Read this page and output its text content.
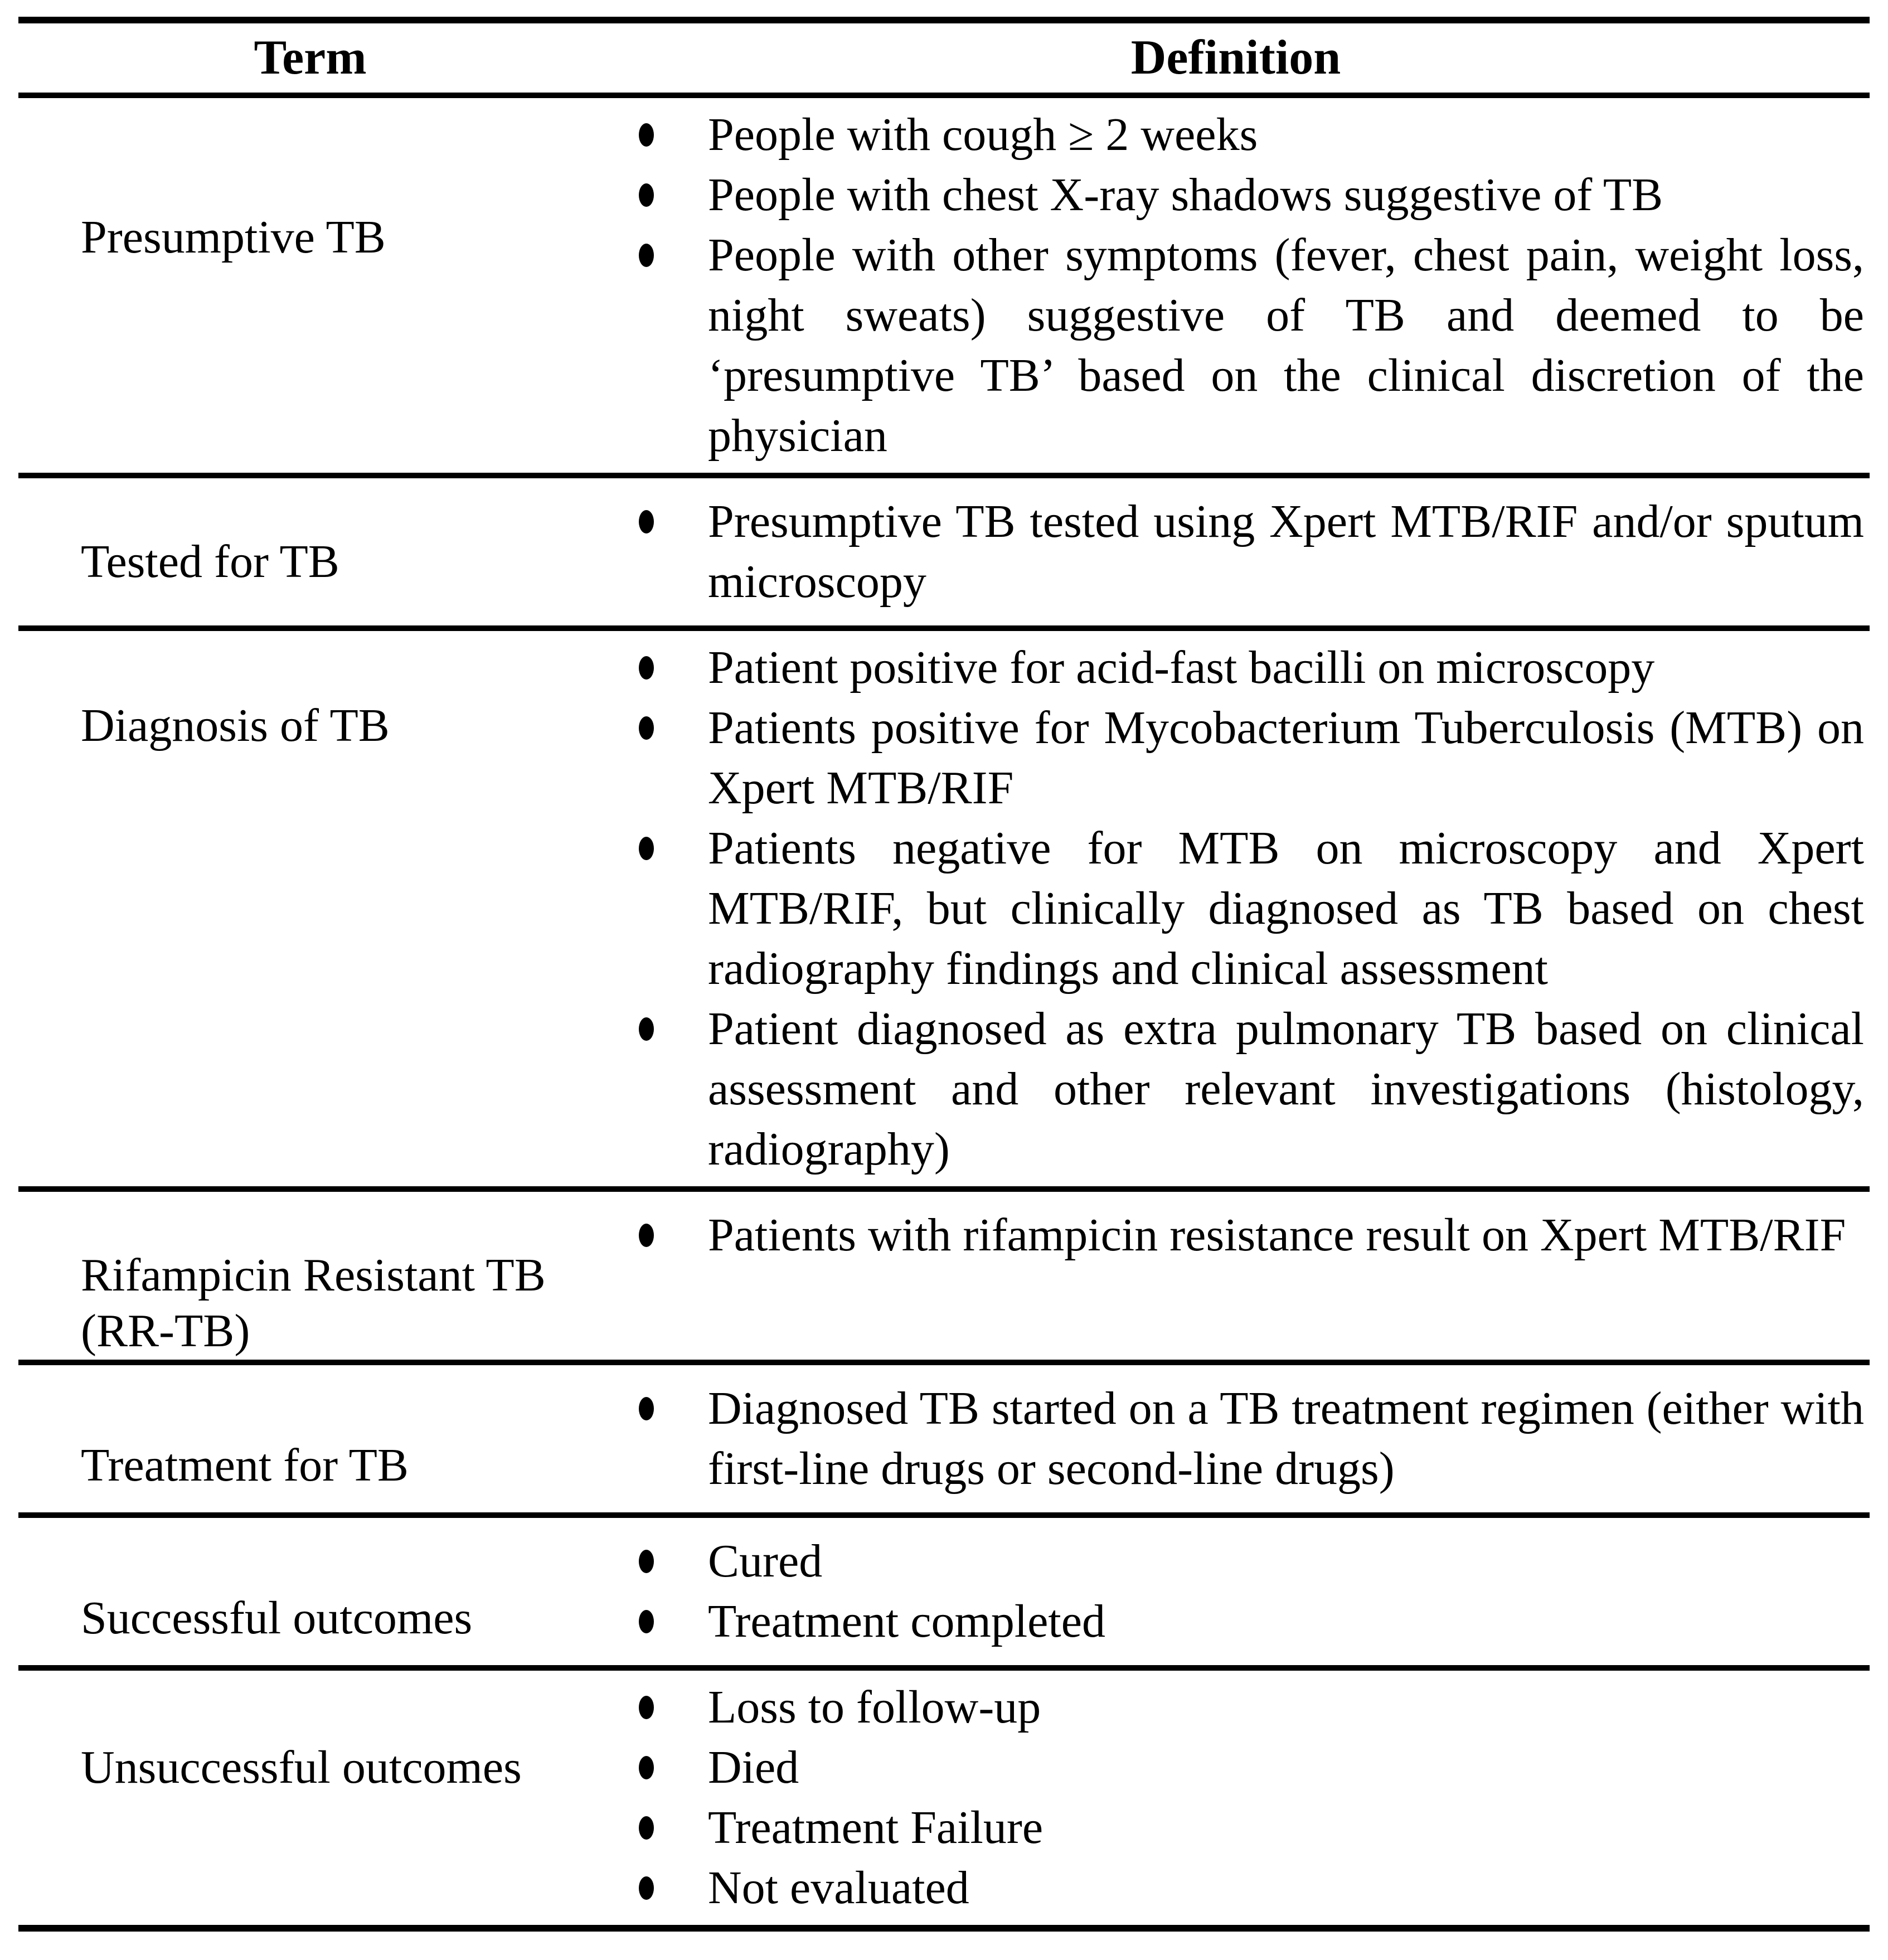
Term	Definition
Presumptive TB	
People with cough ≥ 2 weeks
People with chest X-ray shadows suggestive of TB
People with other symptoms (fever, chest pain, weight loss, night sweats) suggestive of TB and deemed to be ‘presumptive TB’ based on the clinical discretion of the physician

Tested for TB	
Presumptive TB tested using Xpert MTB/RIF and/or sputum microscopy

Diagnosis of TB	
Patient positive for acid-fast bacilli on microscopy
Patients positive for Mycobacterium Tuberculosis (MTB) on Xpert MTB/RIF
Patients negative for MTB on microscopy and Xpert MTB/RIF, but clinically diagnosed as TB based on chest radiography findings and clinical assessment
Patient diagnosed as extra pulmonary TB based on clinical assessment and other relevant investigations (histology, radiography)

Rifampicin Resistant TB (RR-TB)	
Patients with rifampicin resistance result on Xpert MTB/RIF

Treatment for TB	
Diagnosed TB started on a TB treatment regimen (either with first-line drugs or second-line drugs)

Successful outcomes	
Cured
Treatment completed

Unsuccessful outcomes	
Loss to follow-up
Died
Treatment Failure
Not evaluated
